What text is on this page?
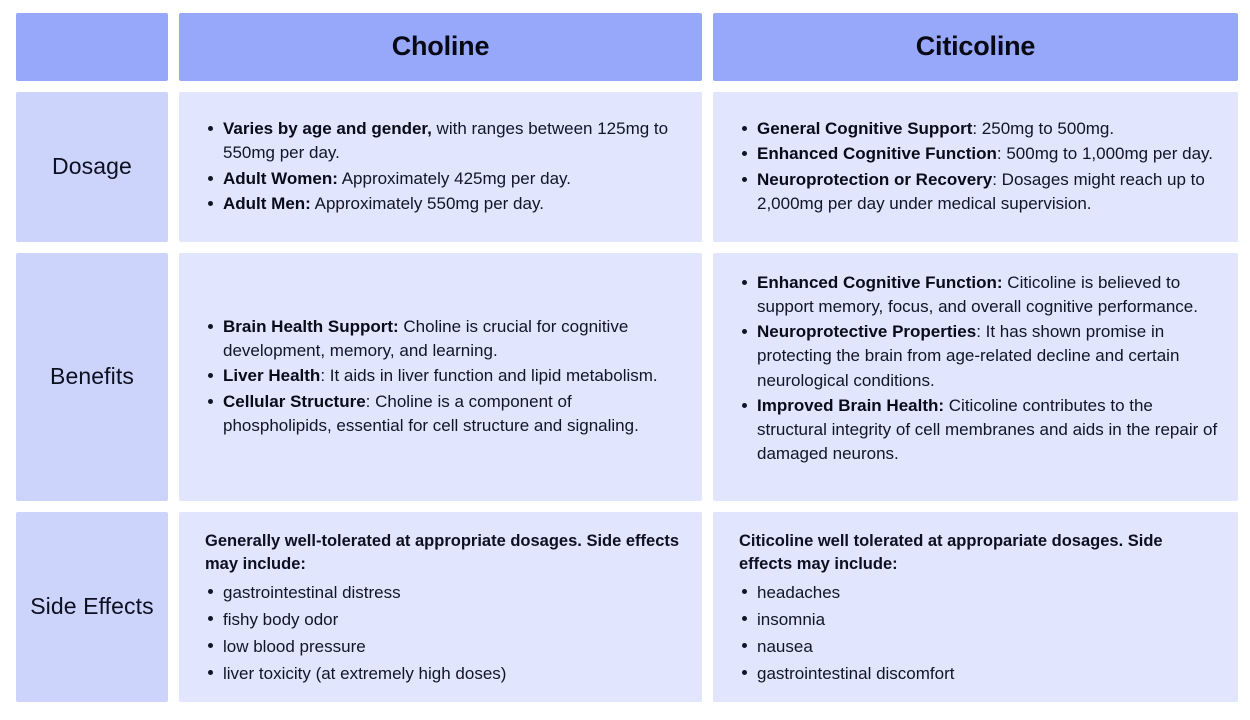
Choline	Citicoline
Dosage
Varies by age and gender, with ranges between 125mg to 550mg per day.
Adult Women: Approximately 425mg per day.
Adult Men: Approximately 550mg per day.
General Cognitive Support: 250mg to 500mg.
Enhanced Cognitive Function: 500mg to 1,000mg per day.
Neuroprotection or Recovery: Dosages might reach up to 2,000mg per day under medical supervision.
Benefits
Brain Health Support: Choline is crucial for cognitive development, memory, and learning.
Liver Health: It aids in liver function and lipid metabolism.
Cellular Structure: Choline is a component of phospholipids, essential for cell structure and signaling.
Enhanced Cognitive Function: Citicoline is believed to support memory, focus, and overall cognitive performance.
Neuroprotective Properties: It has shown promise in protecting the brain from age-related decline and certain neurological conditions.
Improved Brain Health: Citicoline contributes to the structural integrity of cell membranes and aids in the repair of damaged neurons.
Side Effects

Generally well-tolerated at appropriate dosages. Side effects may include:

gastrointestinal distress
fishy body odor
low blood pressure
liver toxicity (at extremely high doses)

Citicoline well tolerated at appropariate dosages. Side effects may include:

headaches
insomnia
nausea
gastrointestinal discomfort
